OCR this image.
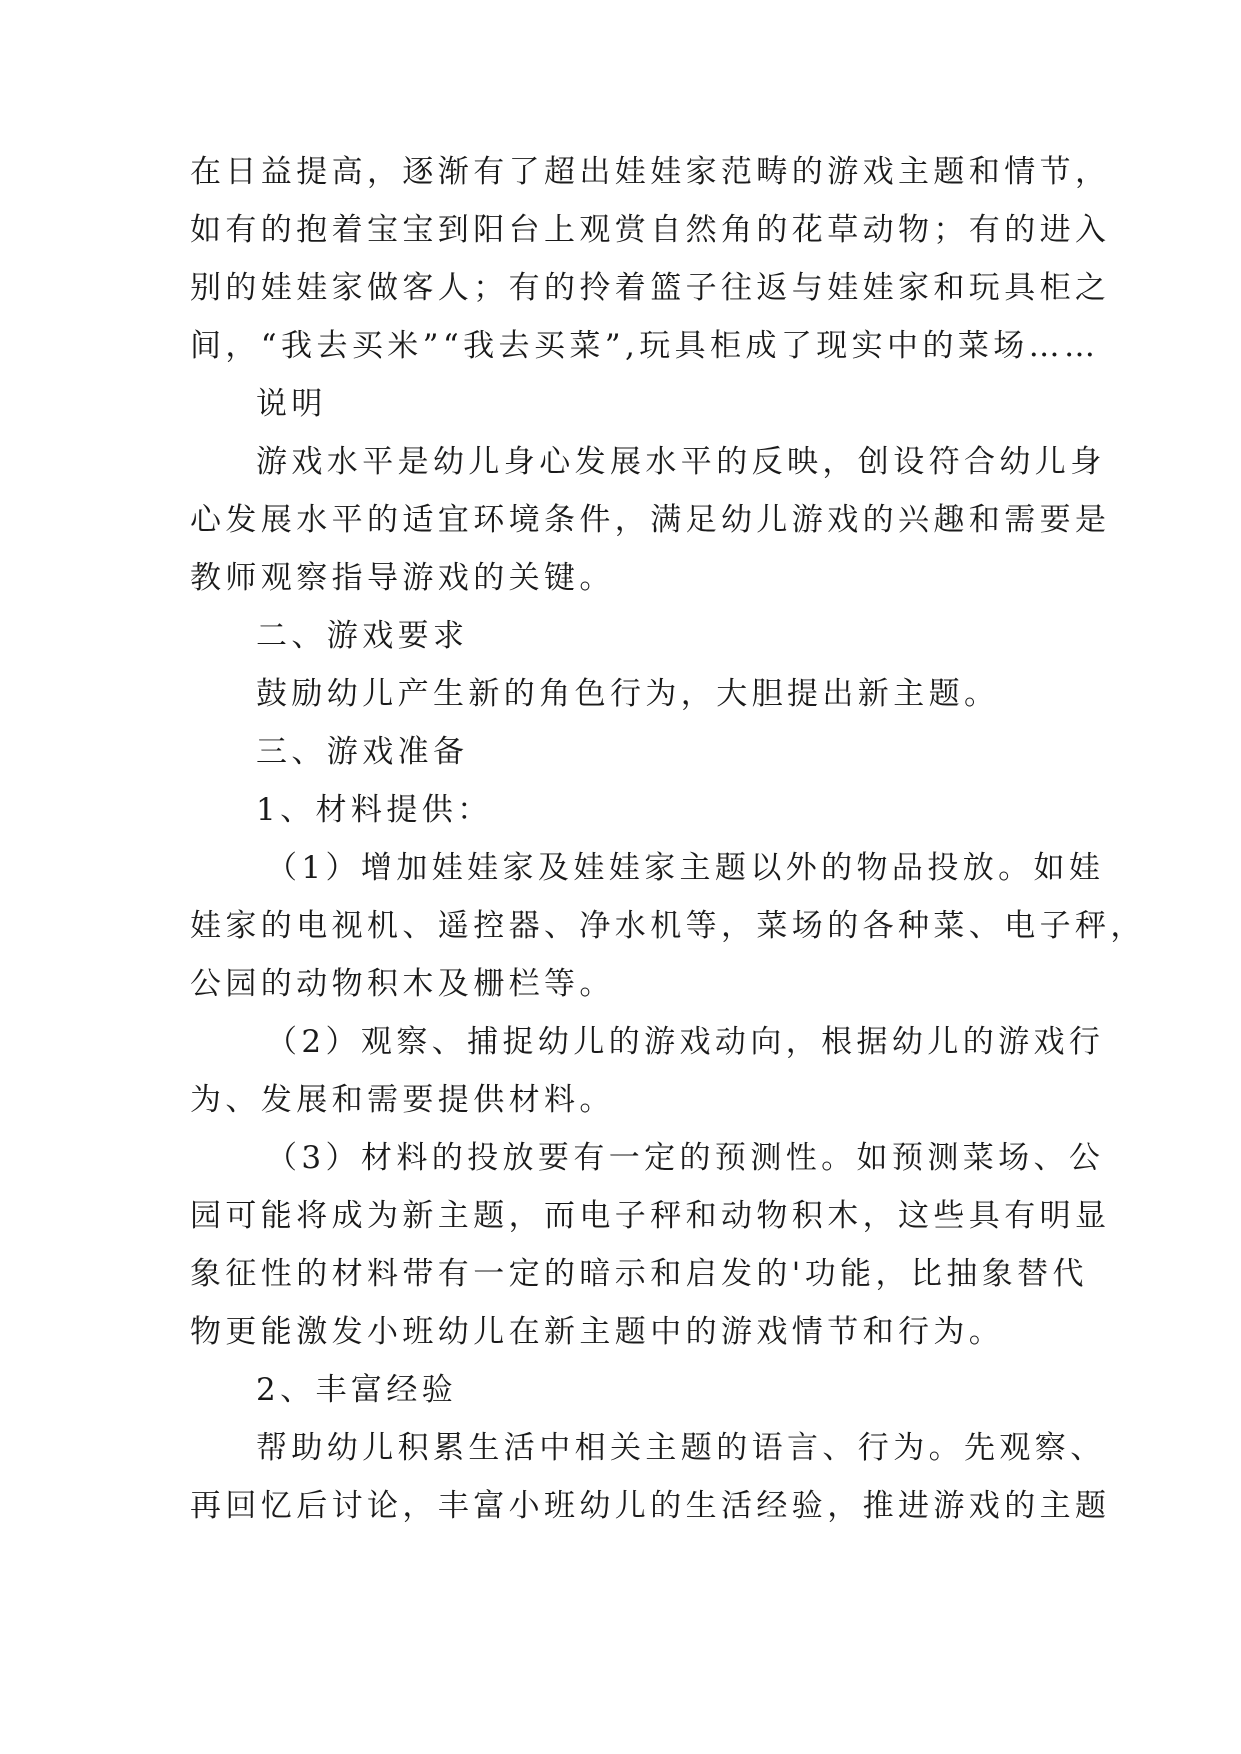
在日益提高，逐渐有了超出娃娃家范畴的游戏主题和情节，
如有的抱着宝宝到阳台上观赏自然角的花草动物；有的进入
别的娃娃家做客人；有的拎着篮子往返与娃娃家和玩具柜之
间，“我去买米”“我去买菜”,玩具柜成了现实中的菜场……
说明
游戏水平是幼儿身心发展水平的反映，创设符合幼儿身
心发展水平的适宜环境条件，满足幼儿游戏的兴趣和需要是
教师观察指导游戏的关键。
二、游戏要求
鼓励幼儿产生新的角色行为，大胆提出新主题。
三、游戏准备
1、材料提供：
（1）增加娃娃家及娃娃家主题以外的物品投放。如娃
娃家的电视机、遥控器、净水机等，菜场的各种菜、电子秤，
公园的动物积木及栅栏等。
（2）观察、捕捉幼儿的游戏动向，根据幼儿的游戏行
为、发展和需要提供材料。
（3）材料的投放要有一定的预测性。如预测菜场、公
园可能将成为新主题，而电子秤和动物积木，这些具有明显
象征性的材料带有一定的暗示和启发的'功能，比抽象替代
物更能激发小班幼儿在新主题中的游戏情节和行为。
2、丰富经验
帮助幼儿积累生活中相关主题的语言、行为。先观察、
再回忆后讨论，丰富小班幼儿的生活经验，推进游戏的主题
